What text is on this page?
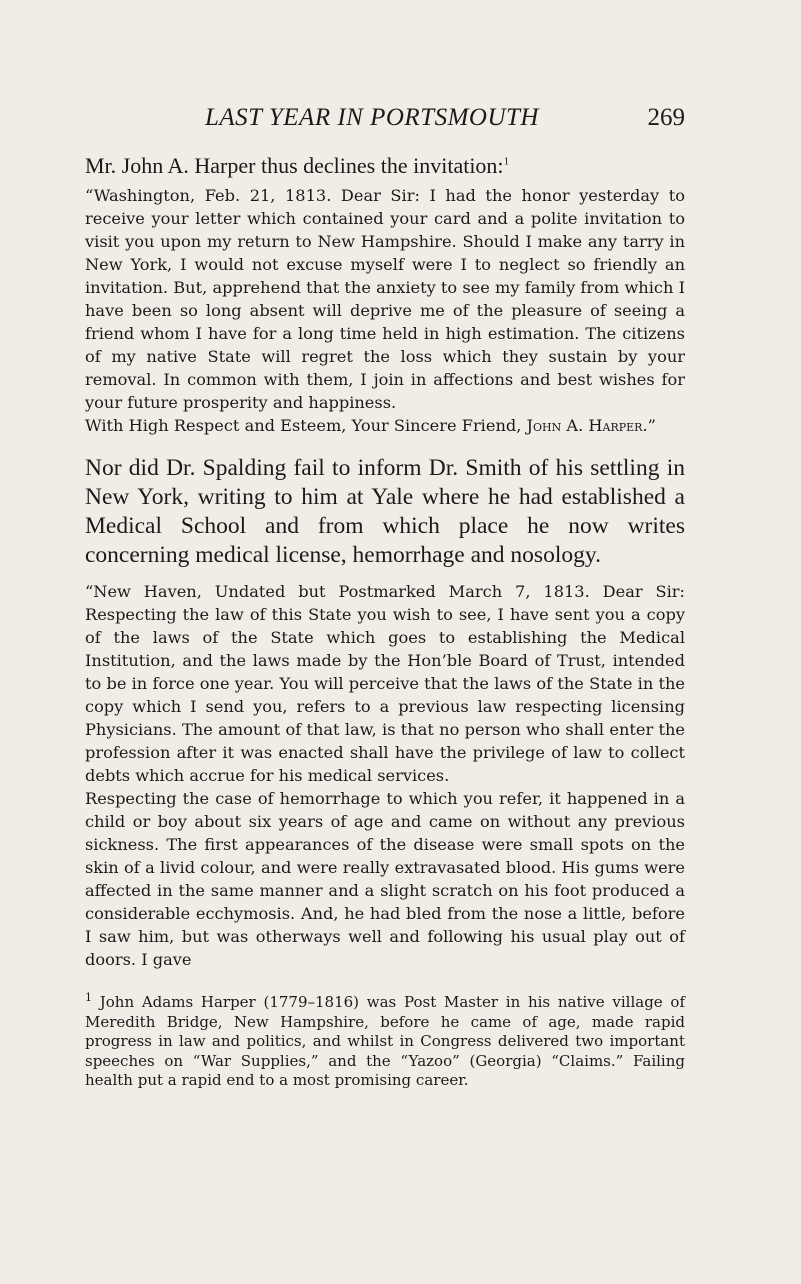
LAST YEAR IN PORTSMOUTH	269

Mr. John A. Harper thus declines the invitation:$^1$

“Washington, Feb. 21, 1813. Dear Sir: I had the honor yesterday to receive your letter which contained your card and a polite invitation to visit you upon my return to New Hampshire. Should I make any tarry in New York, I would not excuse myself were I to neglect so friendly an invitation. But, apprehend that the anxiety to see my family from which I have been so long absent will deprive me of the pleasure of seeing a friend whom I have for a long time held in high estimation. The citizens of my native State will regret the loss which they sustain by your removal. In common with them, I join in affections and best wishes for your future prosperity and happiness.

With High Respect and Esteem, Your Sincere Friend, John A. Harper.”

Nor did Dr. Spalding fail to inform Dr. Smith of his settling in New York, writing to him at Yale where he had established a Medical School and from which place he now writes concerning medical license, hemorrhage and nosology.

“New Haven, Undated but Postmarked March 7, 1813. Dear Sir: Respecting the law of this State you wish to see, I have sent you a copy of the laws of the State which goes to establishing the Medical Institution, and the laws made by the Hon’ble Board of Trust, intended to be in force one year. You will perceive that the laws of the State in the copy which I send you, refers to a previous law respecting licensing Physicians. The amount of that law, is that no person who shall enter the profession after it was enacted shall have the privilege of law to collect debts which accrue for his medical services.

Respecting the case of hemorrhage to which you refer, it happened in a child or boy about six years of age and came on without any previous sickness. The first appearances of the disease were small spots on the skin of a livid colour, and were really extravasated blood. His gums were affected in the same manner and a slight scratch on his foot produced a considerable ecchymosis. And, he had bled from the nose a little, before I saw him, but was otherways well and following his usual play out of doors. I gave

$^1$ John Adams Harper (1779–1816) was Post Master in his native village of Meredith Bridge, New Hampshire, before he came of age, made rapid progress in law and politics, and whilst in Congress delivered two important speeches on “War Supplies,” and the “Yazoo” (Georgia) “Claims.” Failing health put a rapid end to a most promising career.
